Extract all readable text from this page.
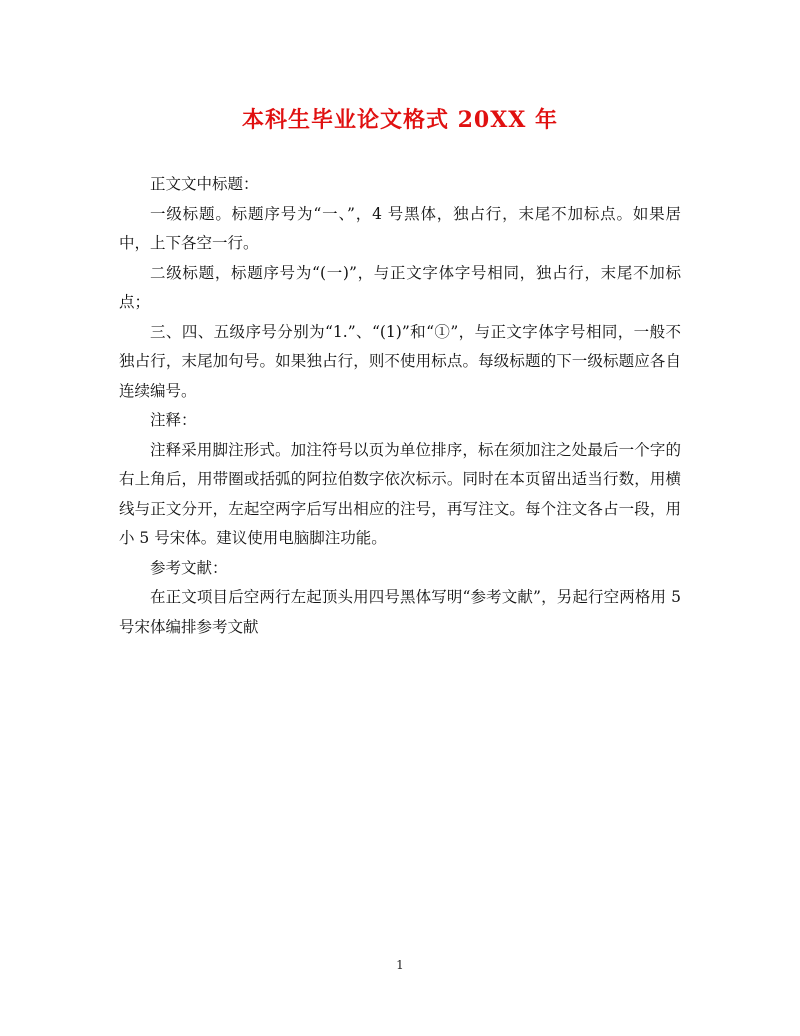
本科生毕业论文格式 20XX 年

正文文中标题：

一级标题。标题序号为“一、”，4 号黑体，独占行，末尾不加标点。如果居中，上下各空一行。

二级标题，标题序号为“(一)”，与正文字体字号相同，独占行，末尾不加标点；

三、四、五级序号分别为“1.”、“(1)”和“①”，与正文字体字号相同，一般不独占行，末尾加句号。如果独占行，则不使用标点。每级标题的下一级标题应各自连续编号。

注释：

注释采用脚注形式。加注符号以页为单位排序，标在须加注之处最后一个字的右上角后，用带圈或括弧的阿拉伯数字依次标示。同时在本页留出适当行数，用横线与正文分开，左起空两字后写出相应的注号，再写注文。每个注文各占一段，用小 5 号宋体。建议使用电脑脚注功能。

参考文献：

在正文项目后空两行左起顶头用四号黑体写明“参考文献”，另起行空两格用 5 号宋体编排参考文献

1
